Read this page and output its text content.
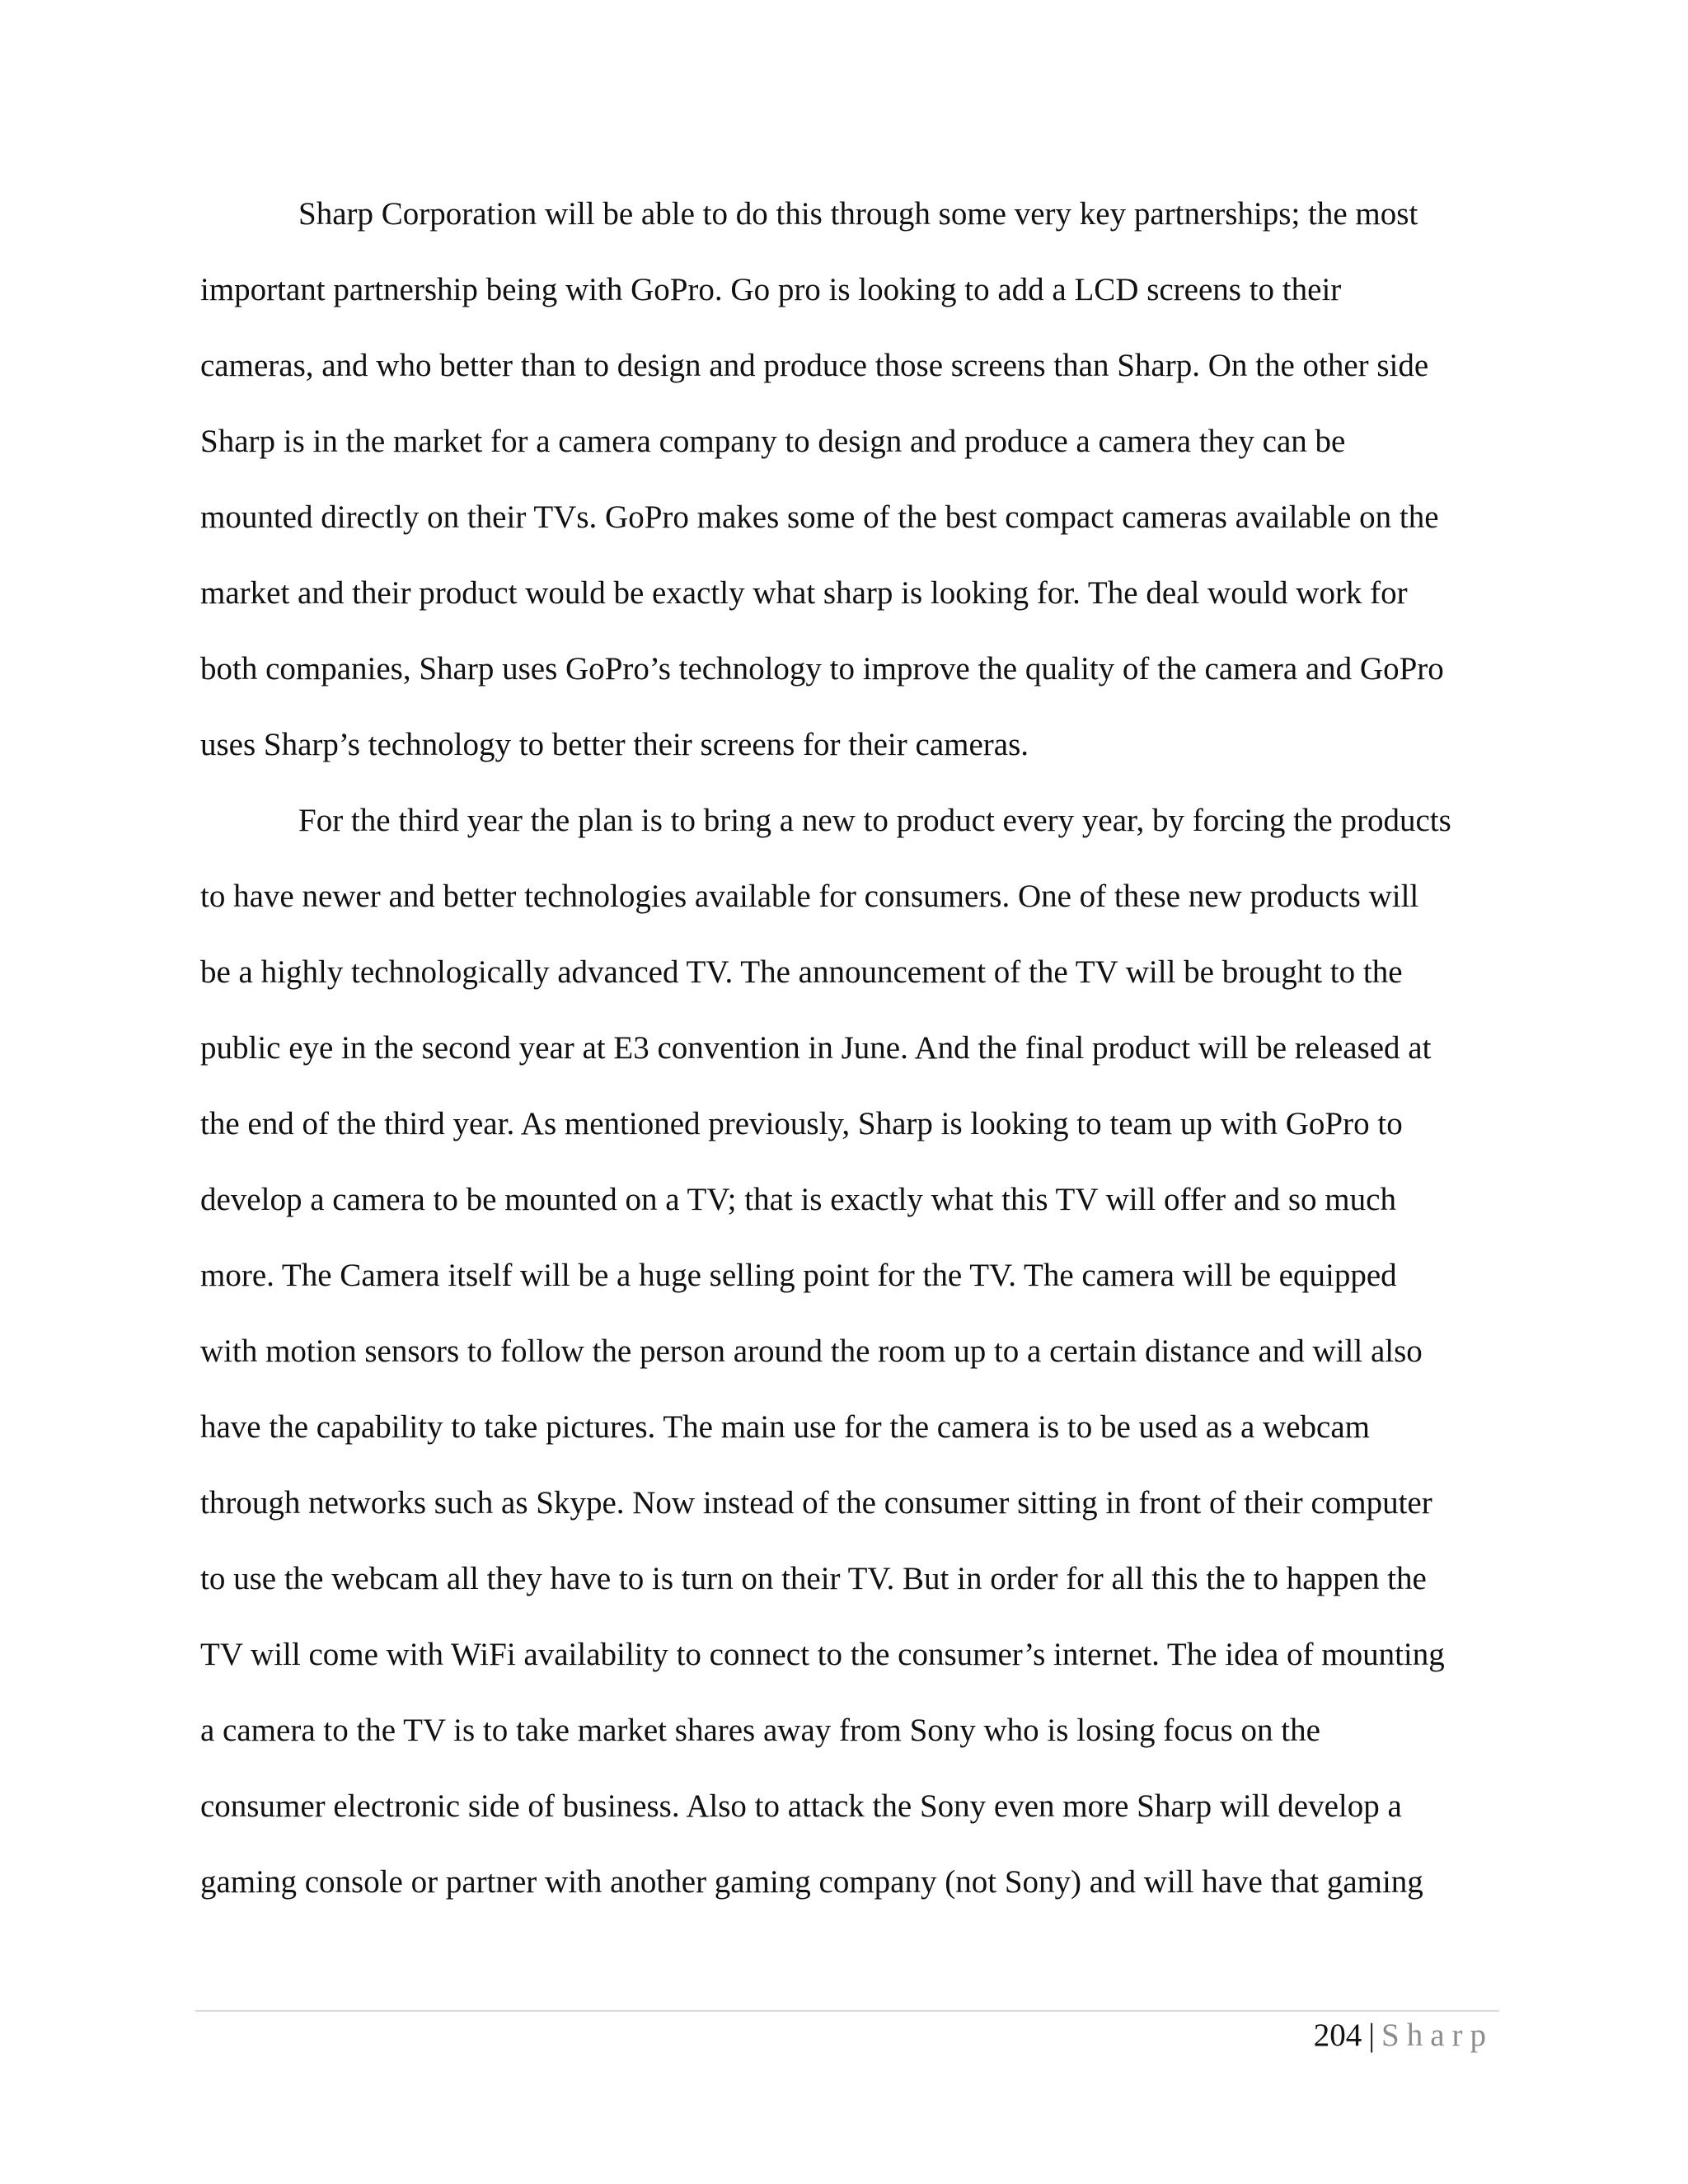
Sharp Corporation will be able to do this through some very key partnerships; the most

important partnership being with GoPro. Go pro is looking to add a LCD screens to their

cameras, and who better than to design and produce those screens than Sharp. On the other side

Sharp is in the market for a camera company to design and produce a camera they can be

mounted directly on their TVs. GoPro makes some of the best compact cameras available on the

market and their product would be exactly what sharp is looking for. The deal would work for

both companies, Sharp uses GoPro’s technology to improve the quality of the camera and GoPro

uses Sharp’s technology to better their screens for their cameras.

For the third year the plan is to bring a new to product every year, by forcing the products

to have newer and better technologies available for consumers. One of these new products will

be a highly technologically advanced TV. The announcement of the TV will be brought to the

public eye in the second year at E3 convention in June. And the final product will be released at

the end of the third year. As mentioned previously, Sharp is looking to team up with GoPro to

develop a camera to be mounted on a TV; that is exactly what this TV will offer and so much

more. The Camera itself will be a huge selling point for the TV. The camera will be equipped

with motion sensors to follow the person around the room up to a certain distance and will also

have the capability to take pictures. The main use for the camera is to be used as a webcam

through networks such as Skype. Now instead of the consumer sitting in front of their computer

to use the webcam all they have to is turn on their TV. But in order for all this the to happen the

TV will come with WiFi availability to connect to the consumer’s internet. The idea of mounting

a camera to the TV is to take market shares away from Sony who is losing focus on the

consumer electronic side of business. Also to attack the Sony even more Sharp will develop a

gaming console or partner with another gaming company (not Sony) and will have that gaming

204 | Sharp
